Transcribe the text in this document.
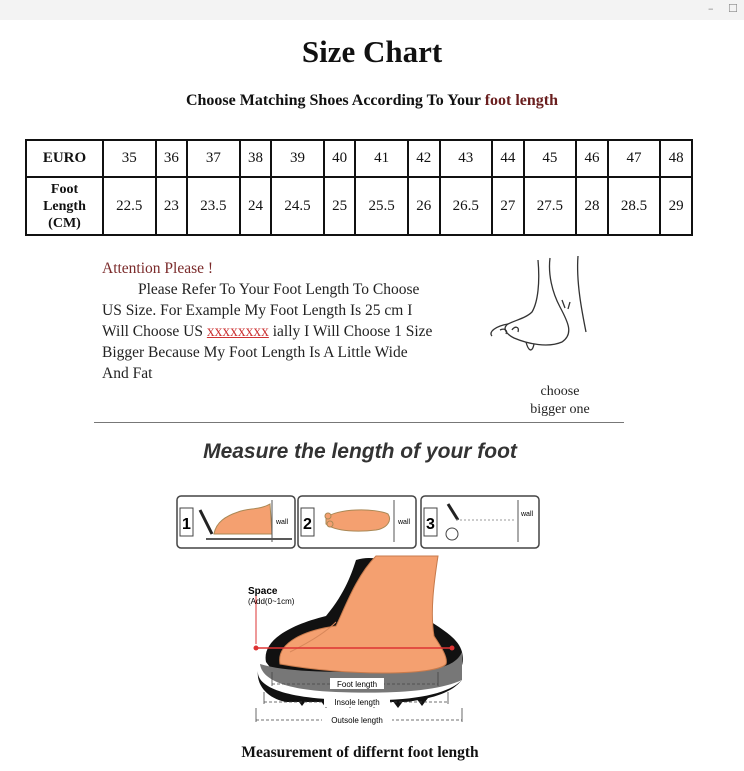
– ☐
Size Chart
Choose Matching Shoes According To Your foot length
EURO	35	36	37	38	39	40	41	42	43	44	45	46	47	48
Foot
Length
(CM)	22.5	23	23.5	24	24.5	25	25.5	26	26.5	27	27.5	28	28.5	29
Attention Please !
Please Refer To Your Foot Length To Choose
US Size. For Example My Foot Length Is 25 cm I
Will Choose US xxxxxxxx ially I Will Choose 1 Size
Bigger Because My Foot Length Is A Little Wide
And Fat
choose
bigger one
Measure the length of your foot
1	wall 2	wall 3
wall
Space
(Add(0~1cm)
Foot length
Insole length
Outsole length
Measurement of differnt foot length
